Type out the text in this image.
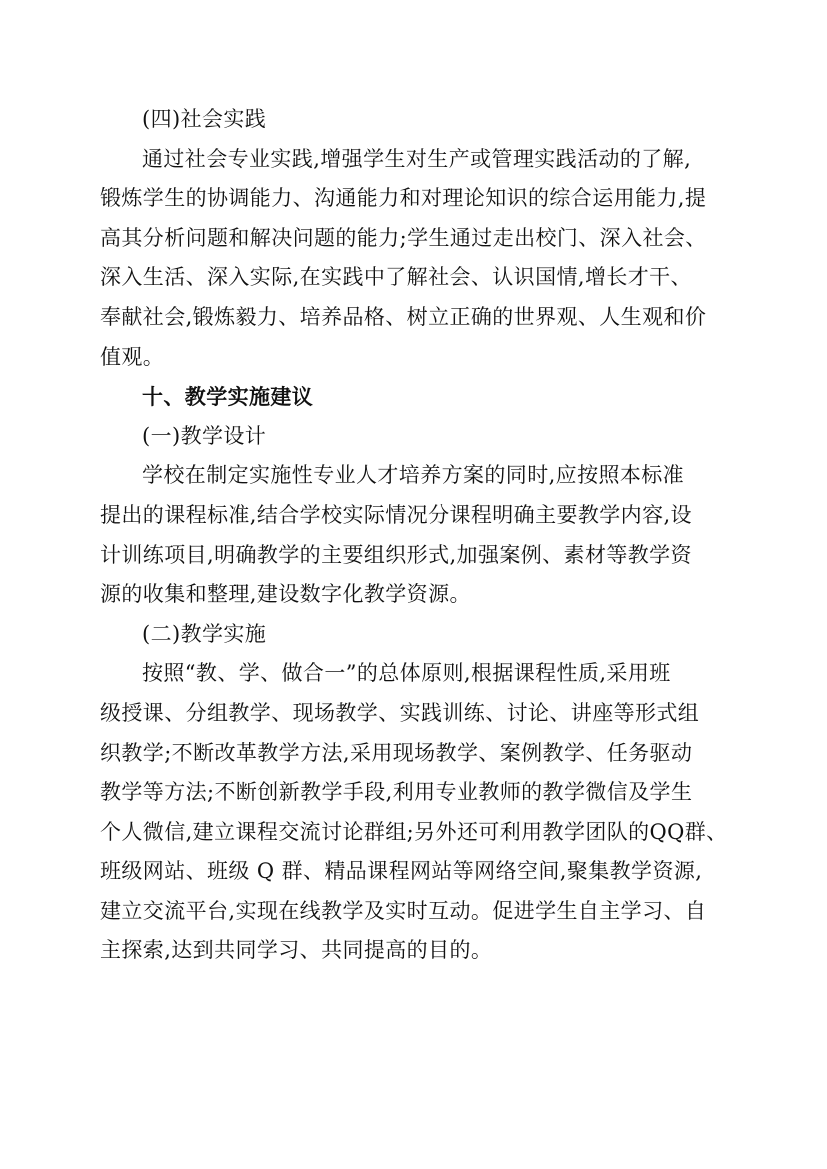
(四)社会实践
通过社会专业实践,增强学生对生产或管理实践活动的了解,
锻炼学生的协调能力、沟通能力和对理论知识的综合运用能力,提
高其分析问题和解决问题的能力;学生通过走出校门、深入社会、
深入生活、深入实际,在实践中了解社会、认识国情,增长才干、
奉献社会,锻炼毅力、培养品格、树立正确的世界观、人生观和价
值观。
十、教学实施建议
(一)教学设计
学校在制定实施性专业人才培养方案的同时,应按照本标准
提出的课程标准,结合学校实际情况分课程明确主要教学内容,设
计训练项目,明确教学的主要组织形式,加强案例、素材等教学资
源的收集和整理,建设数字化教学资源。
(二)教学实施
按照“教、学、做合一”的总体原则,根据课程性质,采用班
级授课、分组教学、现场教学、实践训练、讨论、讲座等形式组
织教学;不断改革教学方法,采用现场教学、案例教学、任务驱动
教学等方法;不断创新教学手段,利用专业教师的教学微信及学生
个人微信,建立课程交流讨论群组;另外还可利用教学团队的QQ群、
班级网站、班级 Q 群、精品课程网站等网络空间,聚集教学资源,
建立交流平台,实现在线教学及实时互动。促进学生自主学习、自
主探索,达到共同学习、共同提高的目的。
